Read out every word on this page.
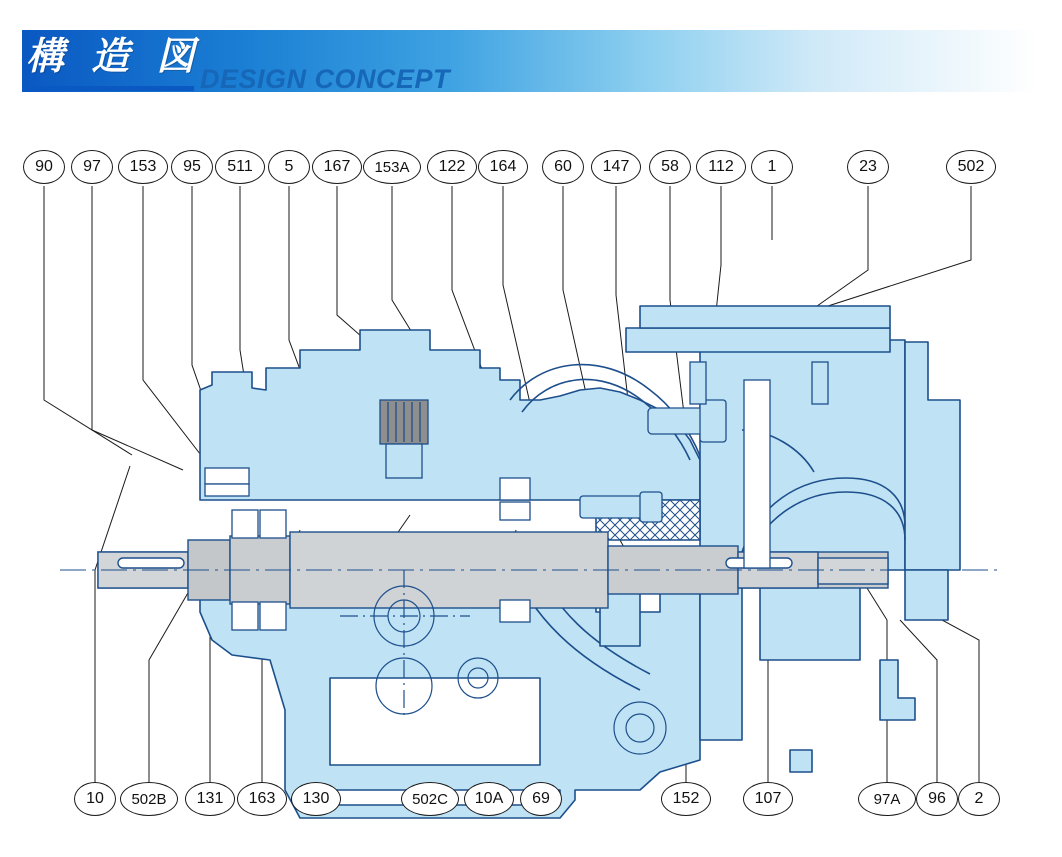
構 造 図
DESIGN CONCEPT
90	97	153	95	511	5	167	153A	122	164	60	147	58	112	1	23	502
10	502B	131	163	130	502C	10A	69	152	107	97A	96	2
